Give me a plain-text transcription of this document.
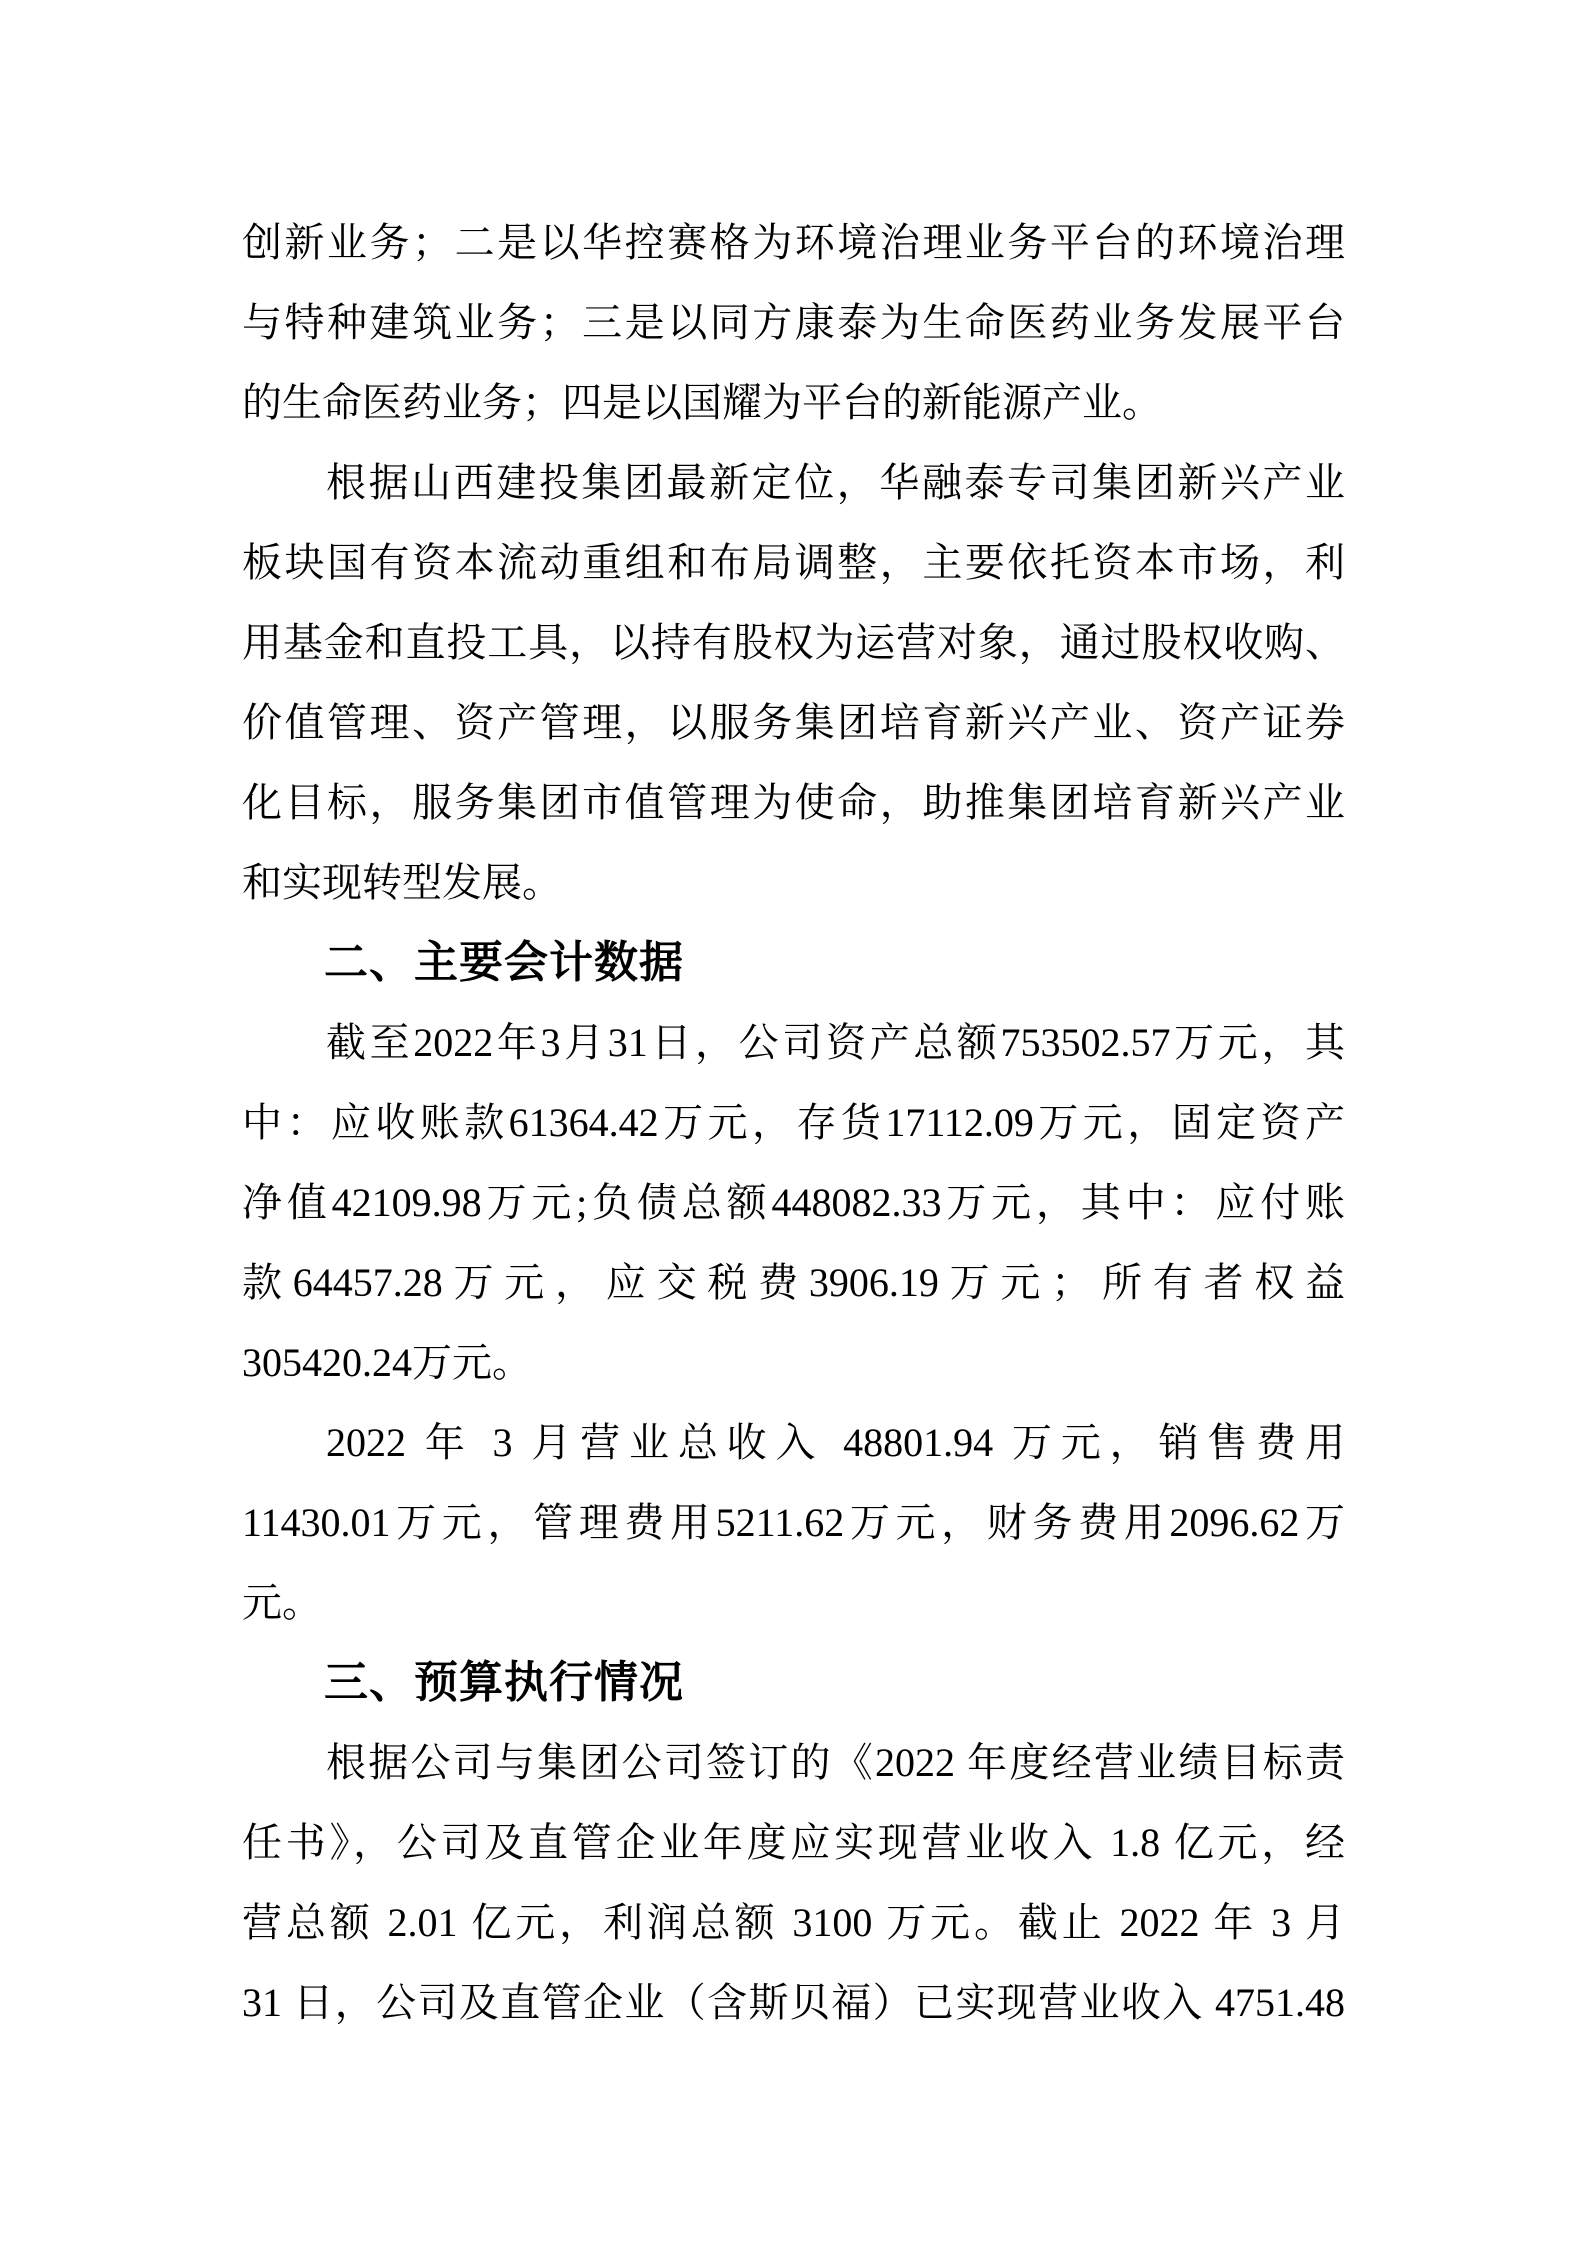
创新业务；二是以华控赛格为环境治理业务平台的环境治理
与特种建筑业务；三是以同方康泰为生命医药业务发展平台
的生命医药业务；四是以国耀为平台的新能源产业。
根据山西建投集团最新定位，华融泰专司集团新兴产业
板块国有资本流动重组和布局调整，主要依托资本市场，利
用基金和直投工具，以持有股权为运营对象，通过股权收购、
价值管理、资产管理，以服务集团培育新兴产业、资产证券
化目标，服务集团市值管理为使命，助推集团培育新兴产业
和实现转型发展。
二、主要会计数据
截至2022年3月31日，公司资产总额753502.57万元，其
中：应收账款61364.42万元，存货17112.09万元，固定资产
净值42109.98万元;负债总额448082.33万元，其中：应付账
款64457.28万元，应交税费3906.19万元；所有者权益
305420.24万元。
2022 年 3 月营业总收入 48801.94 万元，销售费用
11430.01万元，管理费用5211.62万元，财务费用2096.62万
元。
三、预算执行情况
根据公司与集团公司签订的《2022 年度经营业绩目标责
任书》，公司及直管企业年度应实现营业收入 1.8 亿元，经
营总额 2.01 亿元，利润总额 3100 万元。截止 2022 年 3 月
31 日，公司及直管企业（含斯贝福）已实现营业收入 4751.48
